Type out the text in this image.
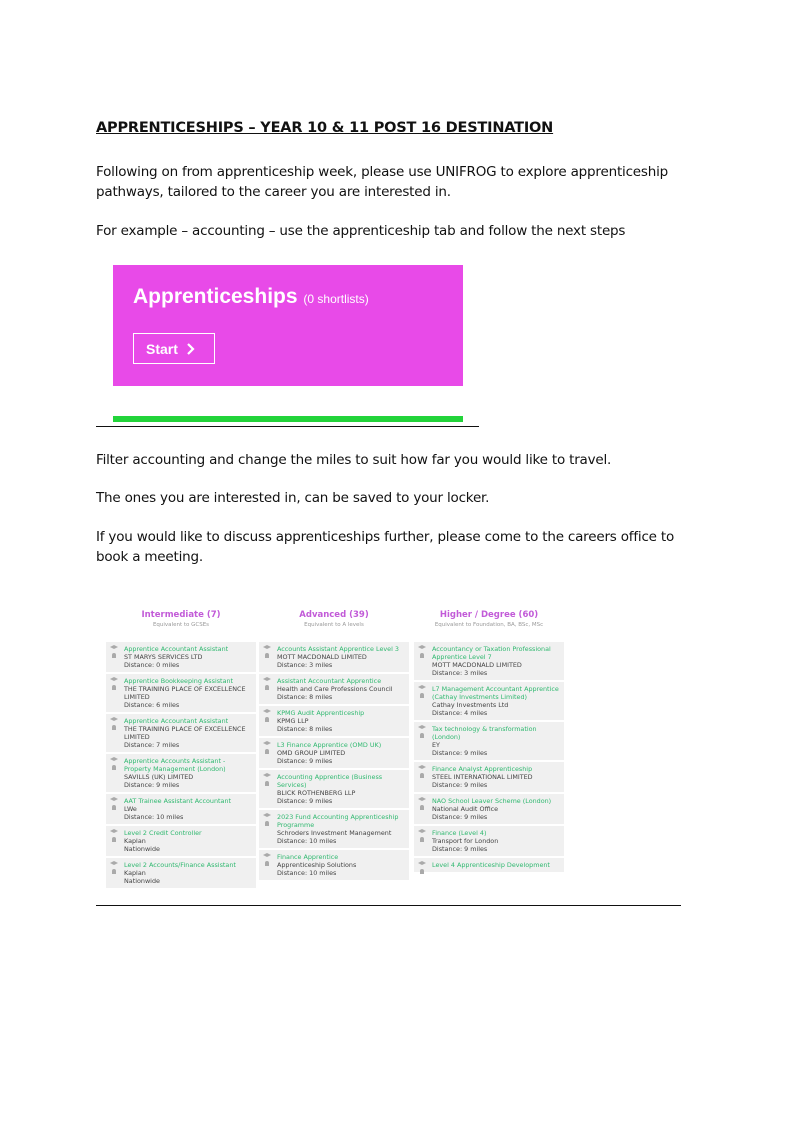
APPRENTICESHIPS – YEAR 10 & 11 POST 16 DESTINATION
Following on from apprenticeship week, please use UNIFROG to explore apprenticeship pathways, tailored to the career you are interested in.
For example – accounting – use the apprenticeship tab and follow the next steps
Apprenticeships (0 shortlists)
Start
Filter accounting and change the miles to suit how far you would like to travel.
The ones you are interested in, can be saved to your locker.
If you would like to discuss apprenticeships further, please come to the careers office to book a meeting.
Intermediate (7)
Equivalent to GCSEs
Apprentice Accountant Assistant
ST MARYS SERVICES LTD
Distance: 0 miles
Apprentice Bookkeeping Assistant
THE TRAINING PLACE OF EXCELLENCE LIMITED
Distance: 6 miles
Apprentice Accountant Assistant
THE TRAINING PLACE OF EXCELLENCE LIMITED
Distance: 7 miles
Apprentice Accounts Assistant - Property Management (London)
SAVILLS (UK) LIMITED
Distance: 9 miles
AAT Trainee Assistant Accountant
LWe
Distance: 10 miles
Level 2 Credit Controller
Kaplan
Nationwide
Level 2 Accounts/Finance Assistant
Kaplan
Nationwide
Advanced (39)
Equivalent to A levels
Accounts Assistant Apprentice Level 3
MOTT MACDONALD LIMITED
Distance: 3 miles
Assistant Accountant Apprentice
Health and Care Professions Council
Distance: 8 miles
KPMG Audit Apprenticeship
KPMG LLP
Distance: 8 miles
L3 Finance Apprentice (OMD UK)
OMD GROUP LIMITED
Distance: 9 miles
Accounting Apprentice (Business Services)
BLICK ROTHENBERG LLP
Distance: 9 miles
2023 Fund Accounting Apprenticeship Programme
Schroders Investment Management
Distance: 10 miles
Finance Apprentice
Apprenticeship Solutions
Distance: 10 miles
Higher / Degree (60)
Equivalent to Foundation, BA, BSc, MSc
Accountancy or Taxation Professional Apprentice Level 7
MOTT MACDONALD LIMITED
Distance: 3 miles
L7 Management Accountant Apprentice (Cathay Investments Limited)
Cathay Investments Ltd
Distance: 4 miles
Tax technology & transformation (London)
EY
Distance: 9 miles
Finance Analyst Apprenticeship
STEEL INTERNATIONAL LIMITED
Distance: 9 miles
NAO School Leaver Scheme (London)
National Audit Office
Distance: 9 miles
Finance (Level 4)
Transport for London
Distance: 9 miles
Level 4 Apprenticeship Development
